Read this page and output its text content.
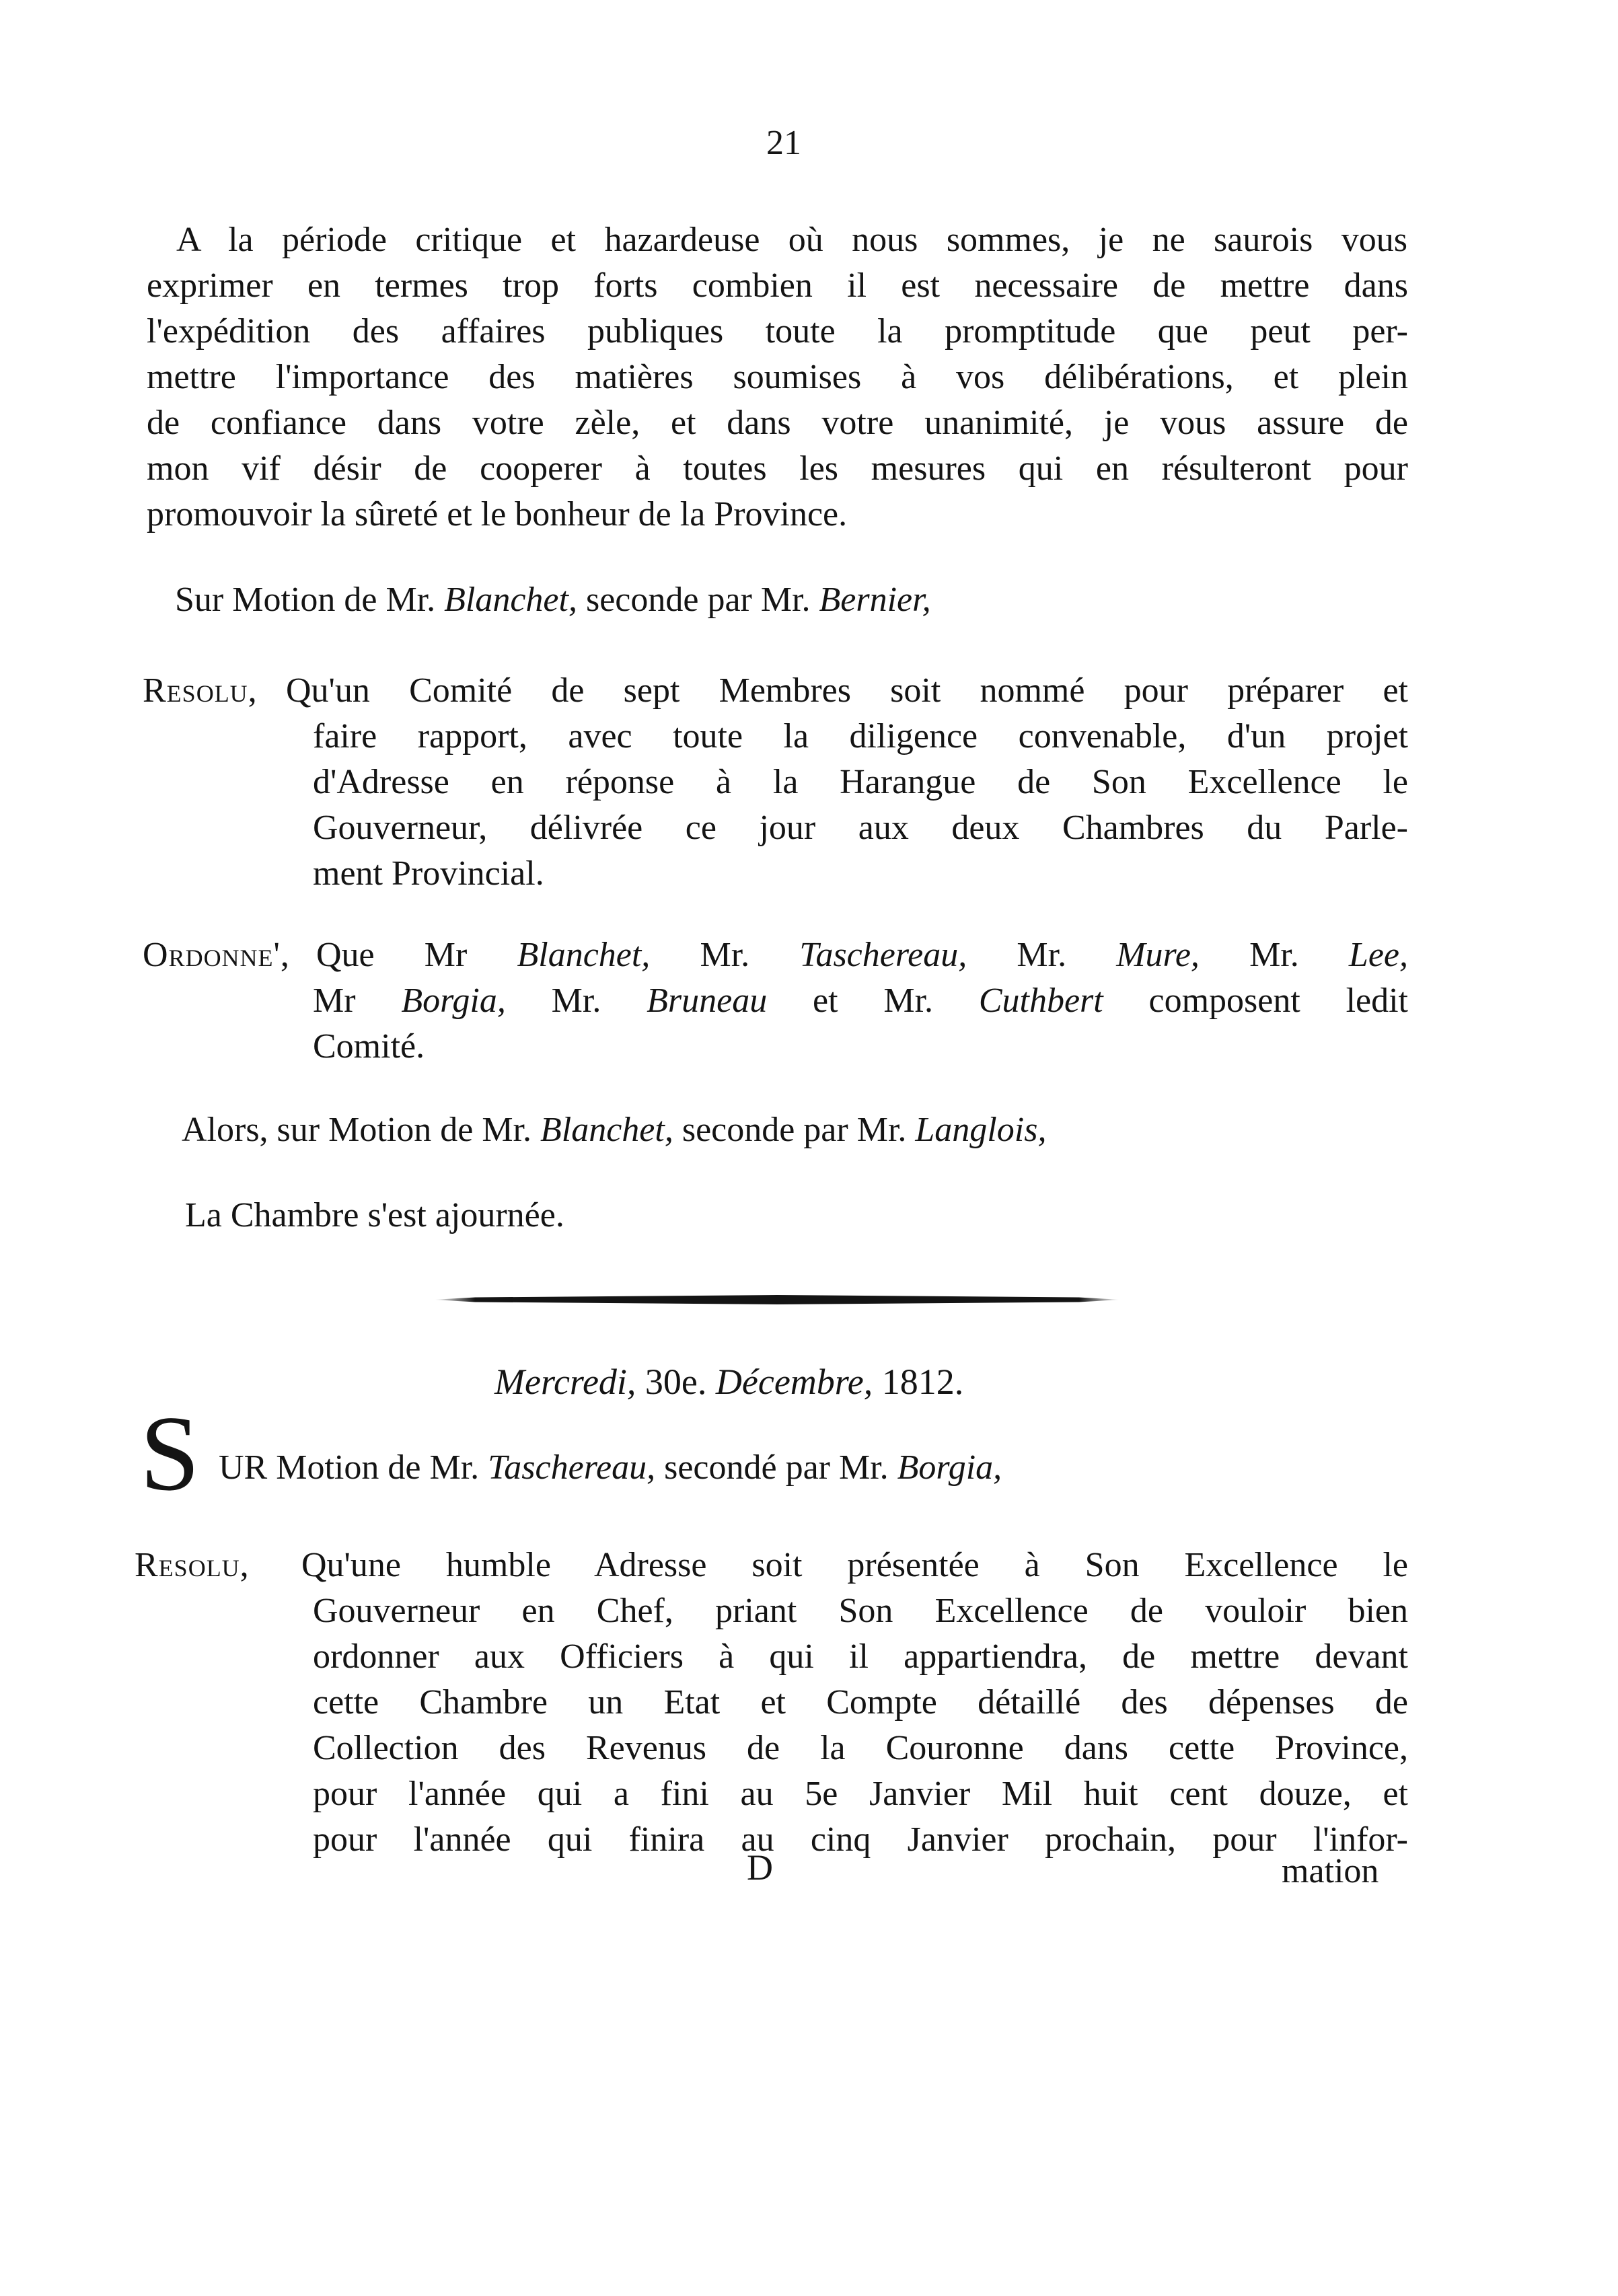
21
A la période critique et hazardeuse où nous sommes, je ne saurois vous
exprimer en termes trop forts combien il est necessaire de mettre dans
l'expédition des affaires publiques toute la promptitude que peut per-
mettre l'importance des matières soumises à vos délibérations, et plein
de confiance dans votre zèle, et dans votre unanimité, je vous assure de
mon vif désir de cooperer à toutes les mesures qui en résulteront pour
promouvoir la sûreté et le bonheur de la Province.
Sur Motion de Mr. Blanchet, seconde par Mr. Bernier,
Resolu, Qu'un Comité de sept Membres soit nommé pour préparer et
faire rapport, avec toute la diligence convenable, d'un projet
d'Adresse en réponse à la Harangue de Son Excellence le
Gouverneur, délivrée ce jour aux deux Chambres du Parle-
ment Provincial.
Ordonne', Que Mr Blanchet, Mr. Taschereau, Mr. Mure, Mr. Lee,
Mr Borgia, Mr. Bruneau et Mr. Cuthbert composent ledit
Comité.
Alors, sur Motion de Mr. Blanchet, seconde par Mr. Langlois,
La Chambre s'est ajournée.
Mercredi, 30e. Décembre, 1812.
S UR Motion de Mr. Taschereau, secondé par Mr. Borgia,
Resolu, Qu'une humble Adresse soit présentée à Son Excellence le
Gouverneur en Chef, priant Son Excellence de vouloir bien
ordonner aux Officiers à qui il appartiendra, de mettre devant
cette Chambre un Etat et Compte détaillé des dépenses de
Collection des Revenus de la Couronne dans cette Province,
pour l'année qui a fini au 5e Janvier Mil huit cent douze, et
pour l'année qui finira au cinq Janvier prochain, pour l'infor-
D	mation
